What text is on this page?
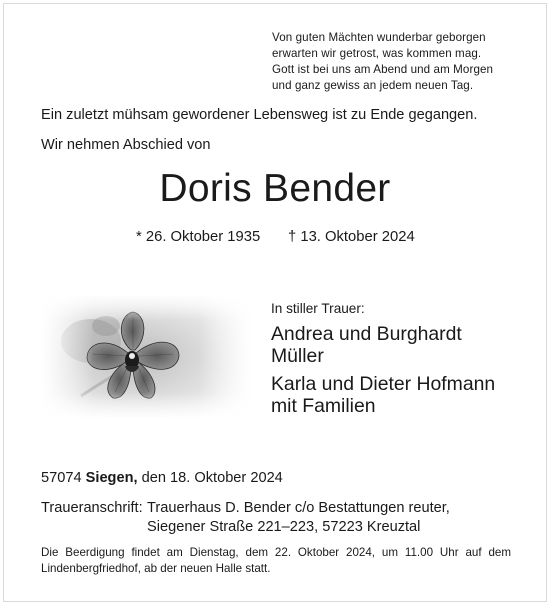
Von guten Mächten wunderbar geborgen
erwarten wir getrost, was kommen mag.
Gott ist bei uns am Abend und am Morgen
und ganz gewiss an jedem neuen Tag.
Ein zuletzt mühsam gewordener Lebensweg ist zu Ende gegangen.
Wir nehmen Abschied von
Doris Bender
* 26. Oktober 1935 † 13. Oktober 2024
In stiller Trauer:
Andrea und Burghardt
Müller
Karla und Dieter Hofmann
mit Familien
57074 Siegen, den 18. Oktober 2024
Traueranschrift: Trauerhaus D. Bender c/o Bestattungen reuter,
Siegener Straße 221–223, 57223 Kreuztal
Die Beerdigung findet am Dienstag, dem 22. Oktober 2024, um 11.00 Uhr auf dem
Lindenbergfriedhof, ab der neuen Halle statt.
